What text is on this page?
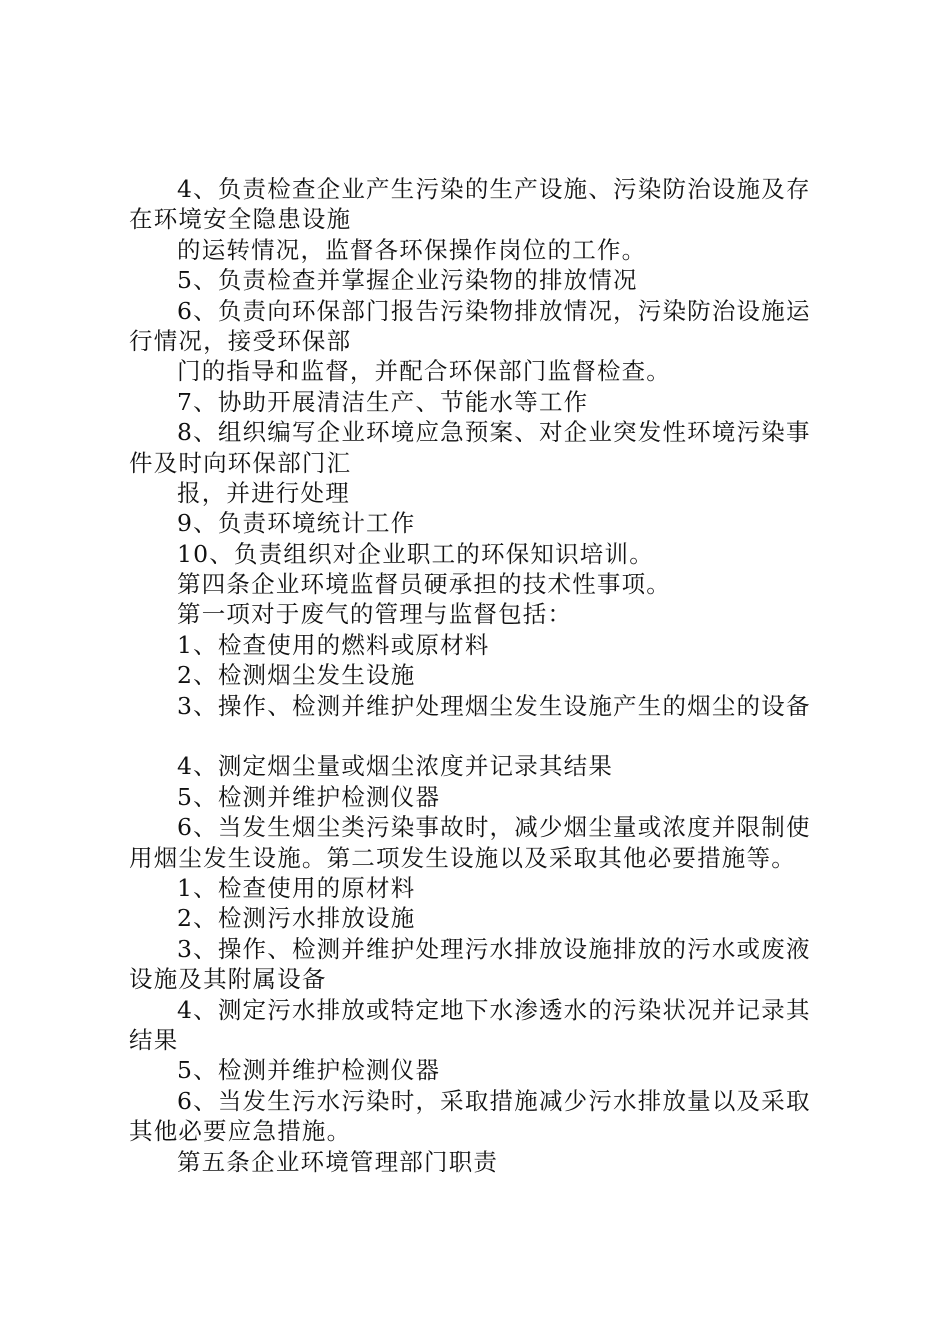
4、负责检查企业产生污染的生产设施、污染防治设施及存
在环境安全隐患设施
的运转情况，监督各环保操作岗位的工作。
5、负责检查并掌握企业污染物的排放情况
6、负责向环保部门报告污染物排放情况，污染防治设施运
行情况，接受环保部
门的指导和监督，并配合环保部门监督检查。
7、协助开展清洁生产、节能水等工作
8、组织编写企业环境应急预案、对企业突发性环境污染事
件及时向环保部门汇
报，并进行处理
9、负责环境统计工作
10、负责组织对企业职工的环保知识培训。
第四条企业环境监督员硬承担的技术性事项。
第一项对于废气的管理与监督包括：
1、检查使用的燃料或原材料
2、检测烟尘发生设施
3、操作、检测并维护处理烟尘发生设施产生的烟尘的设备
4、测定烟尘量或烟尘浓度并记录其结果
5、检测并维护检测仪器
6、当发生烟尘类污染事故时，减少烟尘量或浓度并限制使
用烟尘发生设施。第二项发生设施以及采取其他必要措施等。
1、检查使用的原材料
2、检测污水排放设施
3、操作、检测并维护处理污水排放设施排放的污水或废液
设施及其附属设备
4、测定污水排放或特定地下水渗透水的污染状况并记录其
结果
5、检测并维护检测仪器
6、当发生污水污染时，采取措施减少污水排放量以及采取
其他必要应急措施。
第五条企业环境管理部门职责
